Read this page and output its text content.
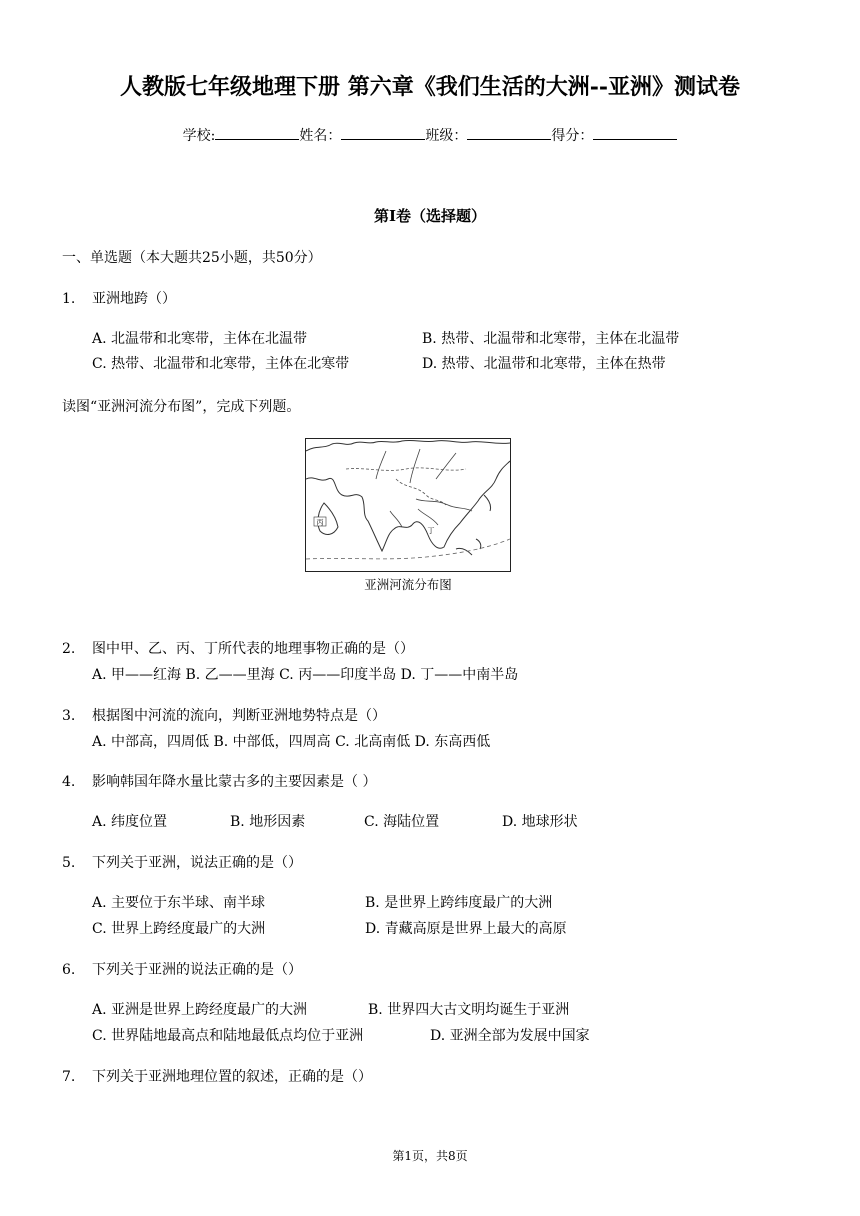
人教版七年级地理下册 第六章《我们生活的大洲--亚洲》测试卷
学校:	姓名：	班级：	得分：
第I卷（选择题）
一、单选题（本大题共25小题，共50分）
1. 亚洲地跨（）
A. 北温带和北寒带，主体在北温带	B. 热带、北温带和北寒带，主体在北温带
C. 热带、北温带和北寒带，主体在北寒带	D. 热带、北温带和北寒带，主体在热带
读图“亚洲河流分布图”，完成下列题。
丙
丁
亚洲河流分布图
2. 图中甲、乙、丙、丁所代表的地理事物正确的是（）
A. 甲——红海 B. 乙——里海 C. 丙——印度半岛 D. 丁——中南半岛
3. 根据图中河流的流向，判断亚洲地势特点是（）
A. 中部高，四周低 B. 中部低，四周高 C. 北高南低 D. 东高西低
4. 影响韩国年降水量比蒙古多的主要因素是（ ）
A. 纬度位置	B. 地形因素	C. 海陆位置	D. 地球形状
5. 下列关于亚洲，说法正确的是（）
A. 主要位于东半球、南半球	B. 是世界上跨纬度最广的大洲
C. 世界上跨经度最广的大洲	D. 青藏高原是世界上最大的高原
6. 下列关于亚洲的说法正确的是（）
A. 亚洲是世界上跨经度最广的大洲	B. 世界四大古文明均诞生于亚洲
C. 世界陆地最高点和陆地最低点均位于亚洲	D. 亚洲全部为发展中国家
7. 下列关于亚洲地理位置的叙述，正确的是（）
第1页，共8页
